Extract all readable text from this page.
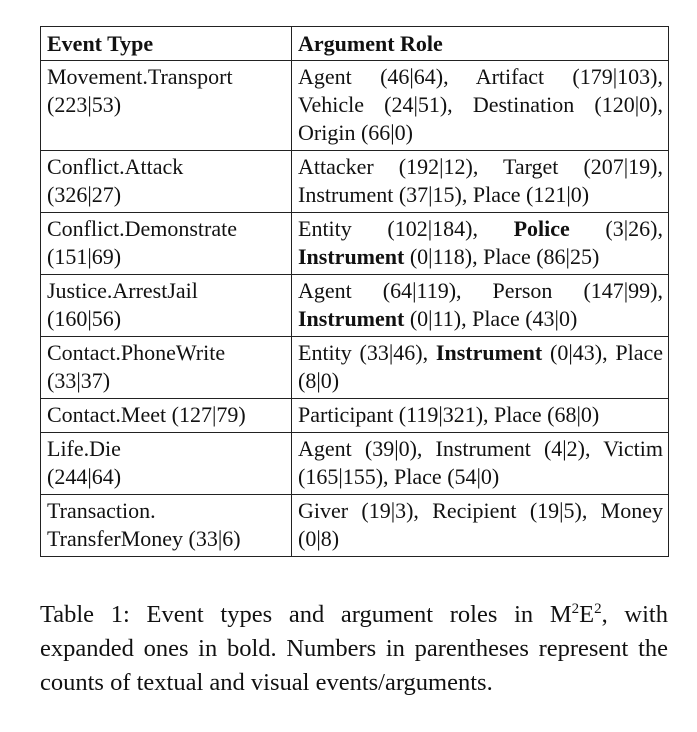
Event Type	Argument Role

Movement.Transport
(223|53)	Agent (46|64), Artifact (179|103), Vehicle (24|51), Destination (120|0), Origin (66|0)

Conflict.Attack
(326|27)	Attacker (192|12), Target (207|19), Instrument (37|15), Place (121|0)

Conflict.Demonstrate
(151|69)	Entity (102|184), Police (3|26), Instrument (0|118), Place (86|25)

Justice.ArrestJail
(160|56)	Agent (64|119), Person (147|99), Instrument (0|11), Place (43|0)

Contact.PhoneWrite
(33|37)	Entity (33|46), Instrument (0|43), Place (8|0)

Contact.Meet (127|79)	Participant (119|321), Place (68|0)

Life.Die
(244|64)	Agent (39|0), Instrument (4|2), Victim (165|155), Place (54|0)

Transaction.
TransferMoney (33|6)	Giver (19|3), Recipient (19|5), Money (0|8)
Table 1: Event types and argument roles in $M^2E^2$, with expanded ones in bold. Numbers in parentheses represent the counts of textual and visual events/arguments.
